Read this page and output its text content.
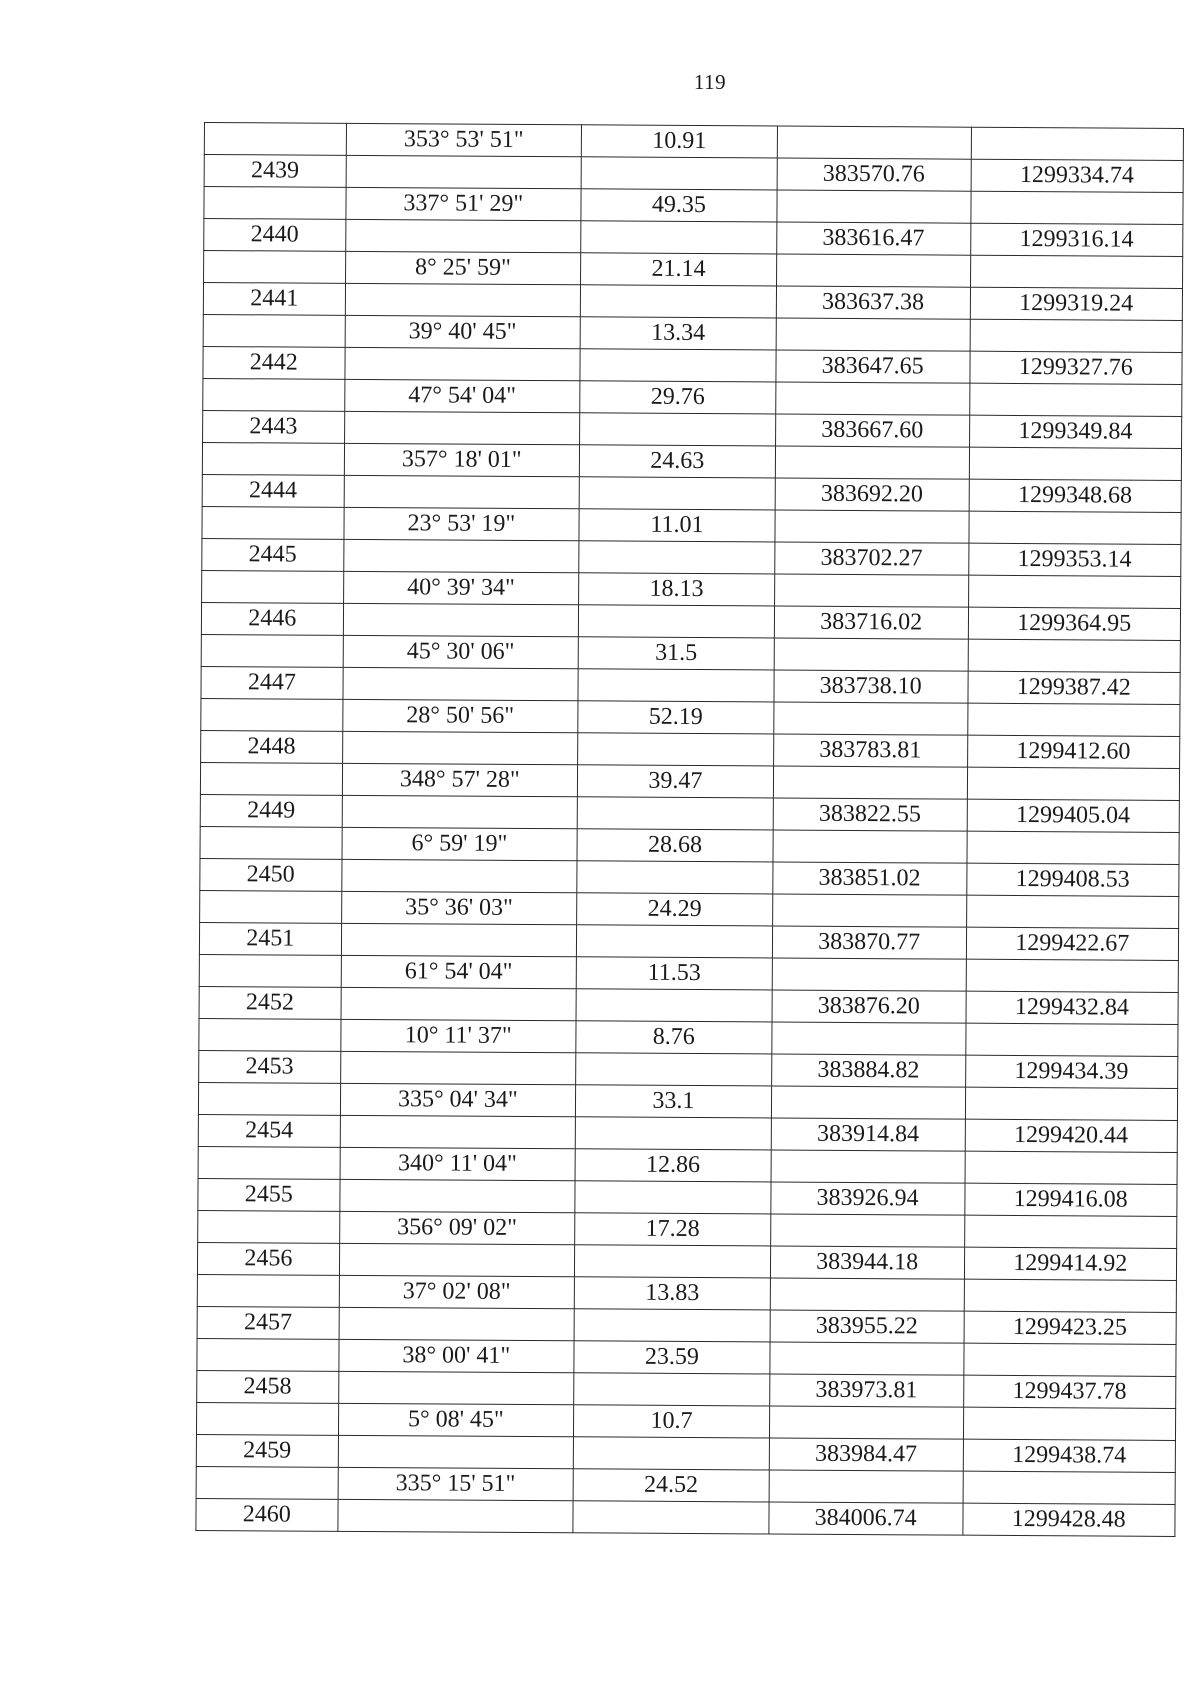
119
	353° 53' 51"	10.91		
2439			383570.76	1299334.74
	337° 51' 29"	49.35		
2440			383616.47	1299316.14
	8° 25' 59"	21.14		
2441			383637.38	1299319.24
	39° 40' 45"	13.34		
2442			383647.65	1299327.76
	47° 54' 04"	29.76		
2443			383667.60	1299349.84
	357° 18' 01"	24.63		
2444			383692.20	1299348.68
	23° 53' 19"	11.01		
2445			383702.27	1299353.14
	40° 39' 34"	18.13		
2446			383716.02	1299364.95
	45° 30' 06"	31.5		
2447			383738.10	1299387.42
	28° 50' 56"	52.19		
2448			383783.81	1299412.60
	348° 57' 28"	39.47		
2449			383822.55	1299405.04
	6° 59' 19"	28.68		
2450			383851.02	1299408.53
	35° 36' 03"	24.29		
2451			383870.77	1299422.67
	61° 54' 04"	11.53		
2452			383876.20	1299432.84
	10° 11' 37"	8.76		
2453			383884.82	1299434.39
	335° 04' 34"	33.1		
2454			383914.84	1299420.44
	340° 11' 04"	12.86		
2455			383926.94	1299416.08
	356° 09' 02"	17.28		
2456			383944.18	1299414.92
	37° 02' 08"	13.83		
2457			383955.22	1299423.25
	38° 00' 41"	23.59		
2458			383973.81	1299437.78
	5° 08' 45"	10.7		
2459			383984.47	1299438.74
	335° 15' 51"	24.52		
2460			384006.74	1299428.48
